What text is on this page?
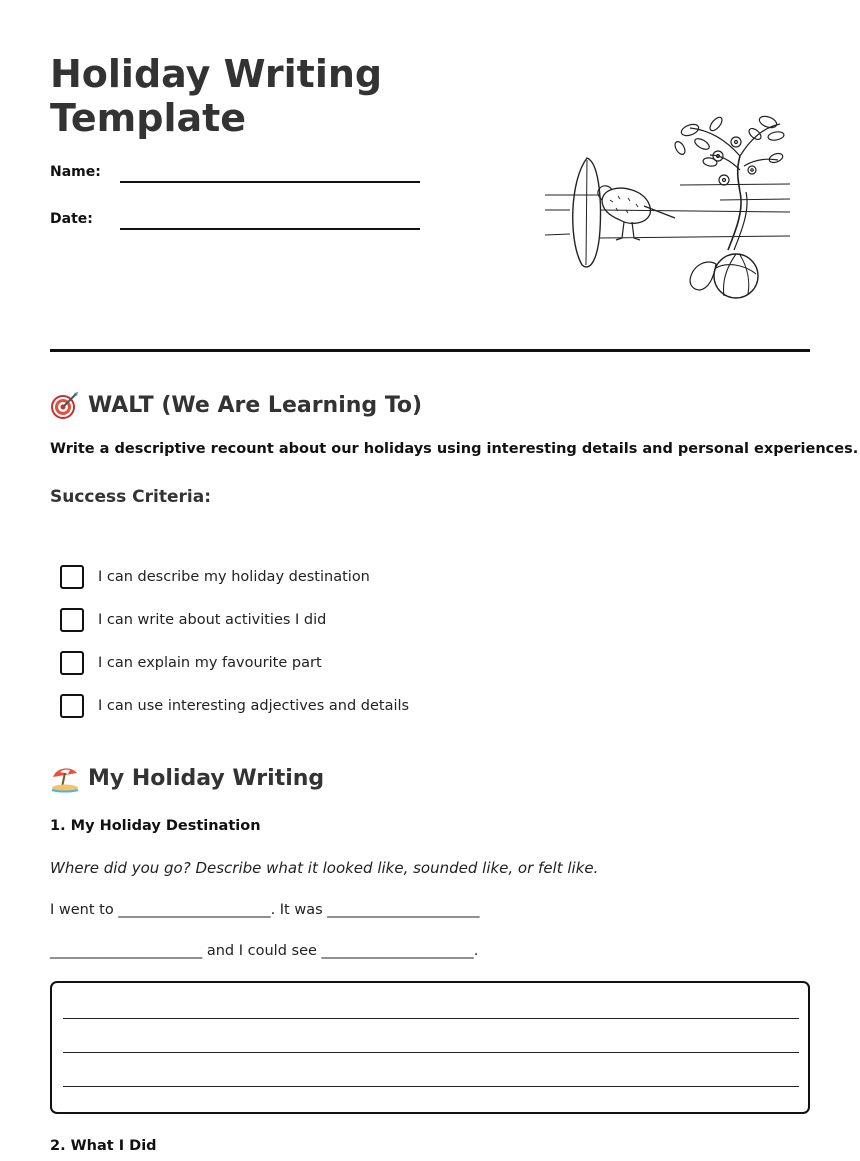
Holiday Writing Template
Name:
Date:
WALT (We Are Learning To)
Write a descriptive recount about our holidays using interesting details and personal experiences.
Success Criteria:
I can describe my holiday destination
I can write about activities I did
I can explain my favourite part
I can use interesting adjectives and details
My Holiday Writing
1. My Holiday Destination
Where did you go? Describe what it looked like, sounded like, or felt like.
I went to _____________________. It was _____________________
_____________________ and I could see _____________________.
2. What I Did
